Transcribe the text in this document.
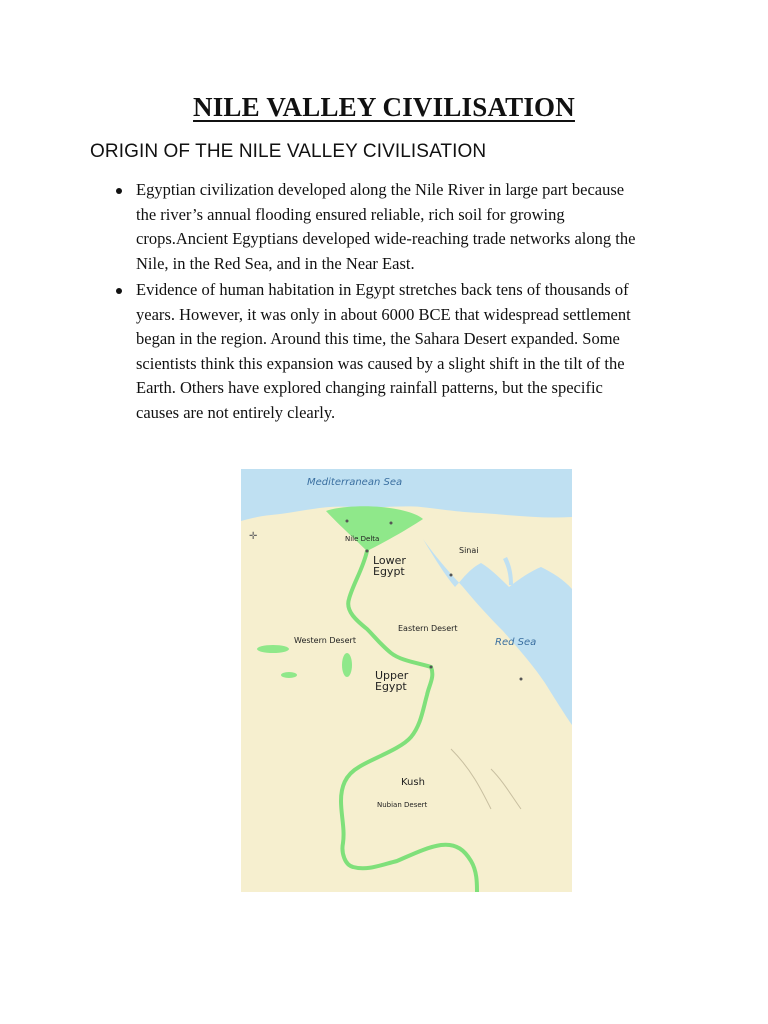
NILE VALLEY CIVILISATION
ORIGIN OF THE NILE VALLEY CIVILISATION
Egyptian civilization developed along the Nile River in large part because
the river’s annual flooding ensured reliable, rich soil for growing
crops.Ancient Egyptians developed wide-reaching trade networks along the
Nile, in the Red Sea, and in the Near East.
Evidence of human habitation in Egypt stretches back tens of thousands of
years. However, it was only in about 6000 BCE that widespread settlement
began in the region. Around this time, the Sahara Desert expanded. Some
scientists think this expansion was caused by a slight shift in the tilt of the
Earth. Others have explored changing rainfall patterns, but the specific
causes are not entirely clearly.
✛
Mediterranean Sea
Nile Delta
Lower
Egypt
Sinai
Eastern Desert
Western Desert	Red Sea
Upper
Egypt
Kush
Nubian Desert
